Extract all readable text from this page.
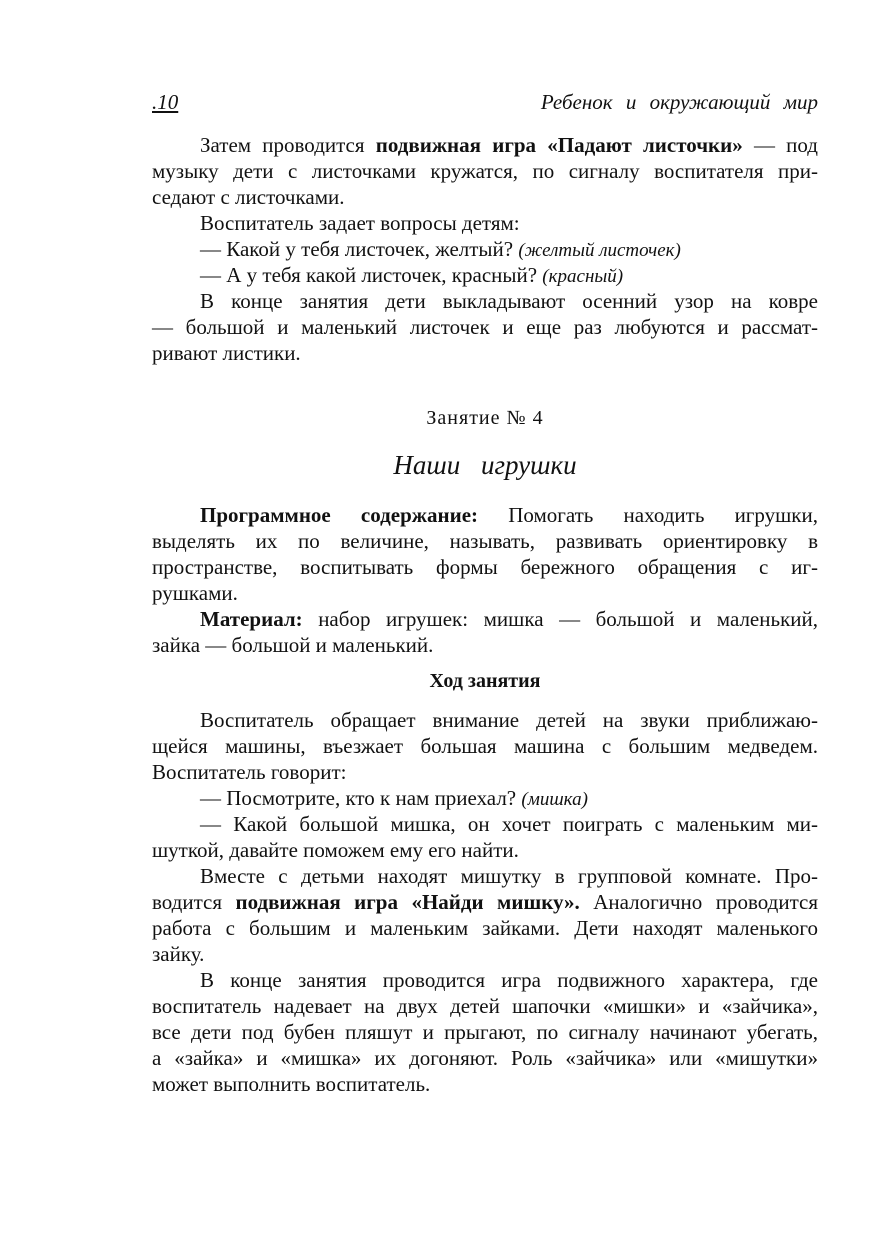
.10	Ребенок и окружающий мир
Затем проводится подвижная игра «Падают листочки» — под
музыку дети с листочками кружатся, по сигналу воспитателя при-
седают с листочками.
Воспитатель задает вопросы детям:
— Какой у тебя листочек, желтый? (желтый листочек)
— А у тебя какой листочек, красный? (красный)
В конце занятия дети выкладывают осенний узор на ковре
— большой и маленький листочек и еще раз любуются и рассмат-
ривают листики.
Занятие № 4
Наши игрушки
Программное содержание: Помогать находить игрушки,
выделять их по величине, называть, развивать ориентировку в
пространстве, воспитывать формы бережного обращения с иг-
рушками.
Материал: набор игрушек: мишка — большой и маленький,
зайка — большой и маленький.
Ход занятия
Воспитатель обращает внимание детей на звуки приближаю-
щейся машины, въезжает большая машина с большим медведем.
Воспитатель говорит:
— Посмотрите, кто к нам приехал? (мишка)
— Какой большой мишка, он хочет поиграть с маленьким ми-
шуткой, давайте поможем ему его найти.
Вместе с детьми находят мишутку в групповой комнате. Про-
водится подвижная игра «Найди мишку». Аналогично проводится
работа с большим и маленьким зайками. Дети находят маленького
зайку.
В конце занятия проводится игра подвижного характера, где
воспитатель надевает на двух детей шапочки «мишки» и «зайчика»,
все дети под бубен пляшут и прыгают, по сигналу начинают убегать,
а «зайка» и «мишка» их догоняют. Роль «зайчика» или «мишутки»
может выполнить воспитатель.
